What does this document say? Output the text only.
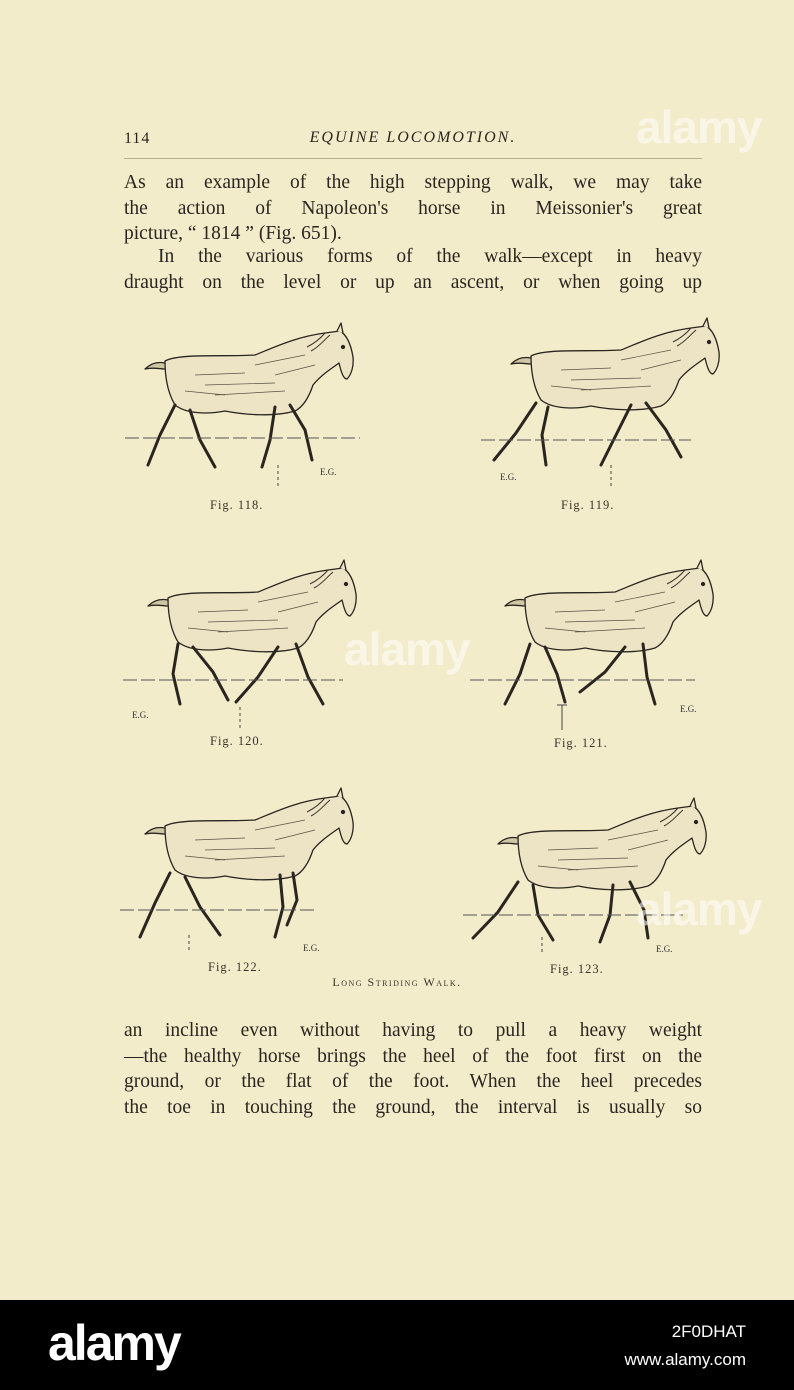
114	EQUINE LOCOMOTION.

As an example of the high stepping walk, we may take
the action of Napoleon's horse in Meissonier's great
picture, “ 1814 ” (Fig. 651).

In the various forms of the walk—except in heavy
draught on the level or up an ascent, or when going up

E.G.
Fig. 118.
E.G.
Fig. 119.
E.G.
Fig. 120.
E.G.
Fig. 121.
E.G.
Fig. 122.
E.G.
Fig. 123.
Long Striding Walk.

an incline even without having to pull a heavy weight
—the healthy horse brings the heel of the foot first on the
ground, or the flat of the foot. When the heel precedes
the toe in touching the ground, the interval is usually so

alamy
alamy
alamy
alamy	2F0DHAT
www.alamy.com
